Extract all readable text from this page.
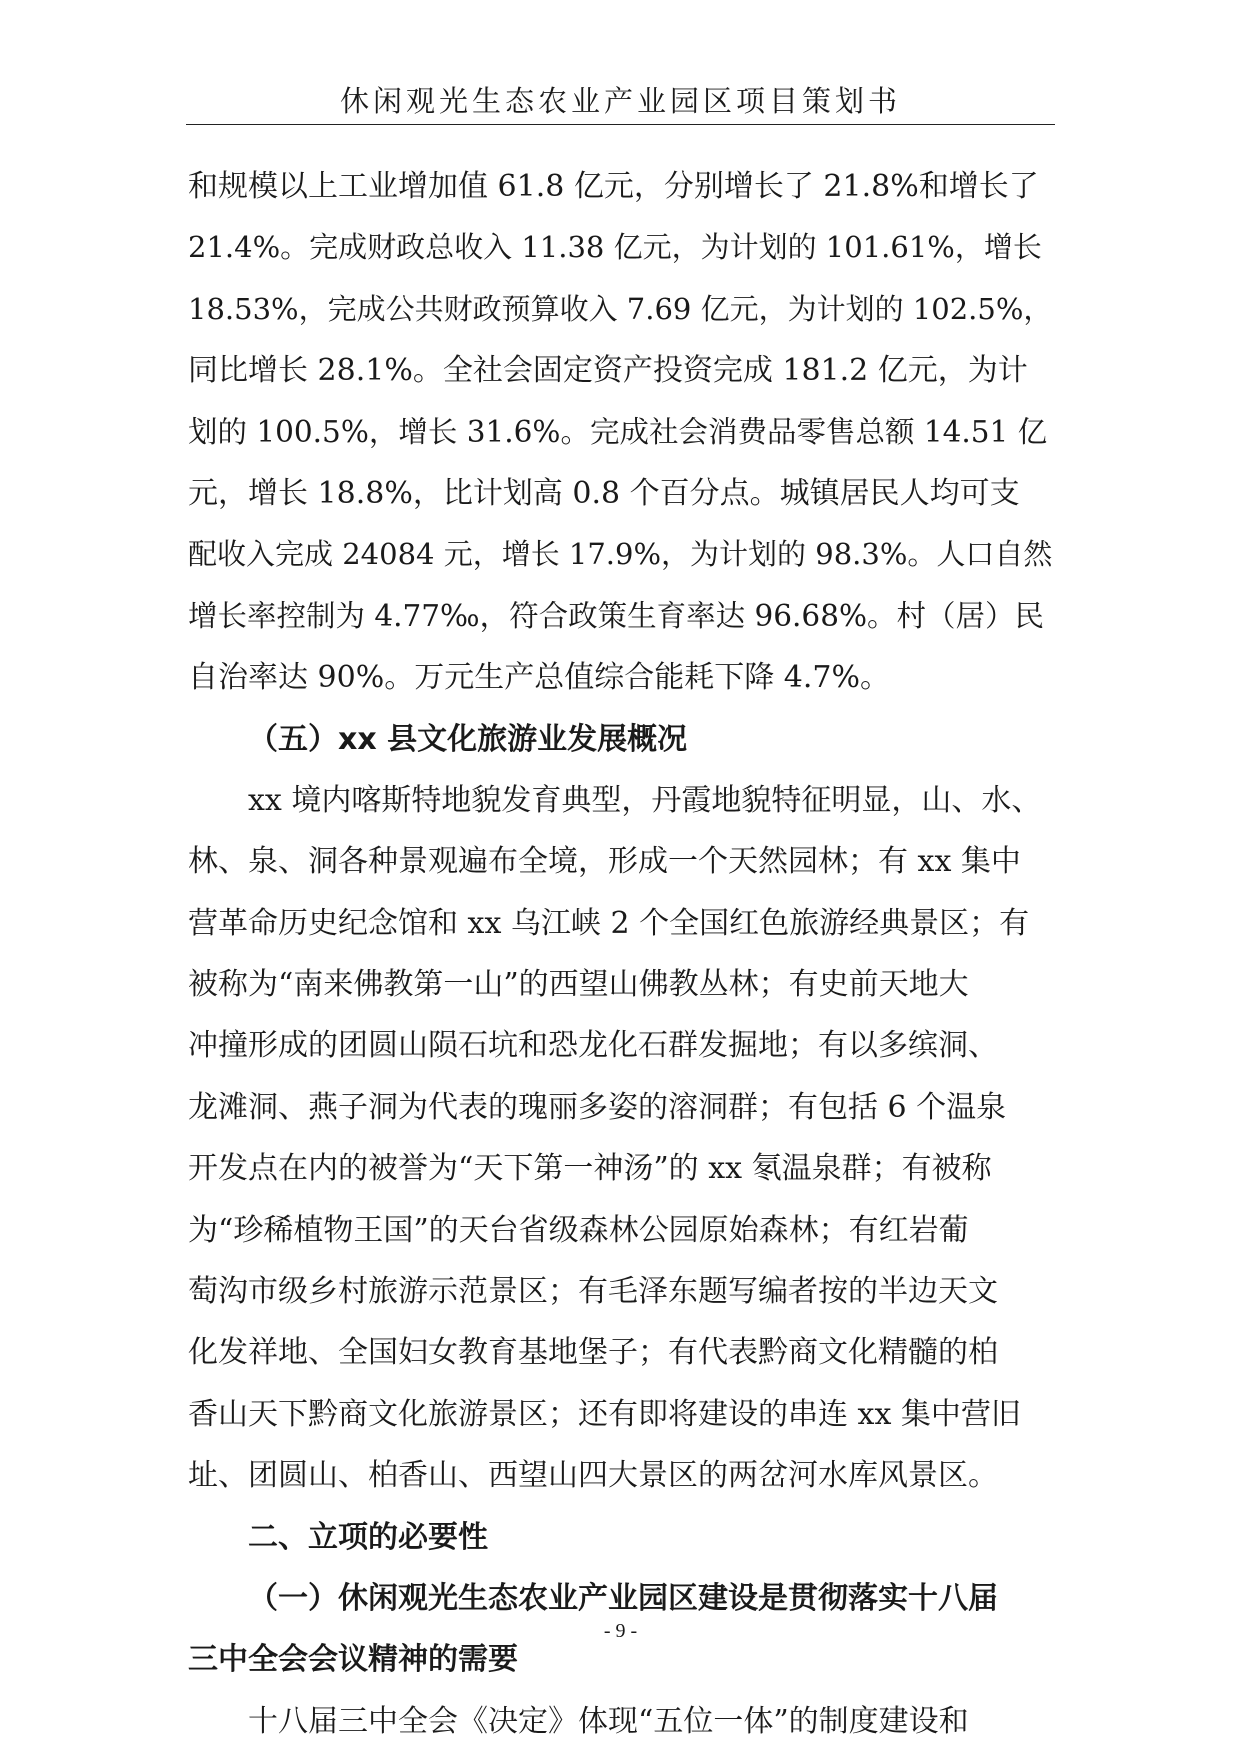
休闲观光生态农业产业园区项目策划书
和规模以上工业增加值 61.8 亿元，分别增长了 21.8%和增长了
21.4%。完成财政总收入 11.38 亿元，为计划的 101.61%，增长
18.53%，完成公共财政预算收入 7.69 亿元，为计划的 102.5%，
同比增长 28.1%。全社会固定资产投资完成 181.2 亿元，为计
划的 100.5%，增长 31.6%。完成社会消费品零售总额 14.51 亿
元，增长 18.8%，比计划高 0.8 个百分点。城镇居民人均可支
配收入完成 24084 元，增长 17.9%，为计划的 98.3%。人口自然
增长率控制为 4.77‰，符合政策生育率达 96.68%。村（居）民
自治率达 90%。万元生产总值综合能耗下降 4.7%。
（五）xx 县文化旅游业发展概况
xx 境内喀斯特地貌发育典型，丹霞地貌特征明显，山、水、
林、泉、洞各种景观遍布全境，形成一个天然园林；有 xx 集中
营革命历史纪念馆和 xx 乌江峡 2 个全国红色旅游经典景区；有
被称为“南来佛教第一山”的西望山佛教丛林；有史前天地大
冲撞形成的团圆山陨石坑和恐龙化石群发掘地；有以多缤洞、
龙滩洞、燕子洞为代表的瑰丽多姿的溶洞群；有包括 6 个温泉
开发点在内的被誉为“天下第一神汤”的 xx 氡温泉群；有被称
为“珍稀植物王国”的天台省级森林公园原始森林；有红岩葡
萄沟市级乡村旅游示范景区；有毛泽东题写编者按的半边天文
化发祥地、全国妇女教育基地堡子；有代表黔商文化精髓的柏
香山天下黔商文化旅游景区；还有即将建设的串连 xx 集中营旧
址、团圆山、柏香山、西望山四大景区的两岔河水库风景区。
二、立项的必要性
（一）休闲观光生态农业产业园区建设是贯彻落实十八届
三中全会会议精神的需要
十八届三中全会《决定》体现“五位一体”的制度建设和
- 9 -
